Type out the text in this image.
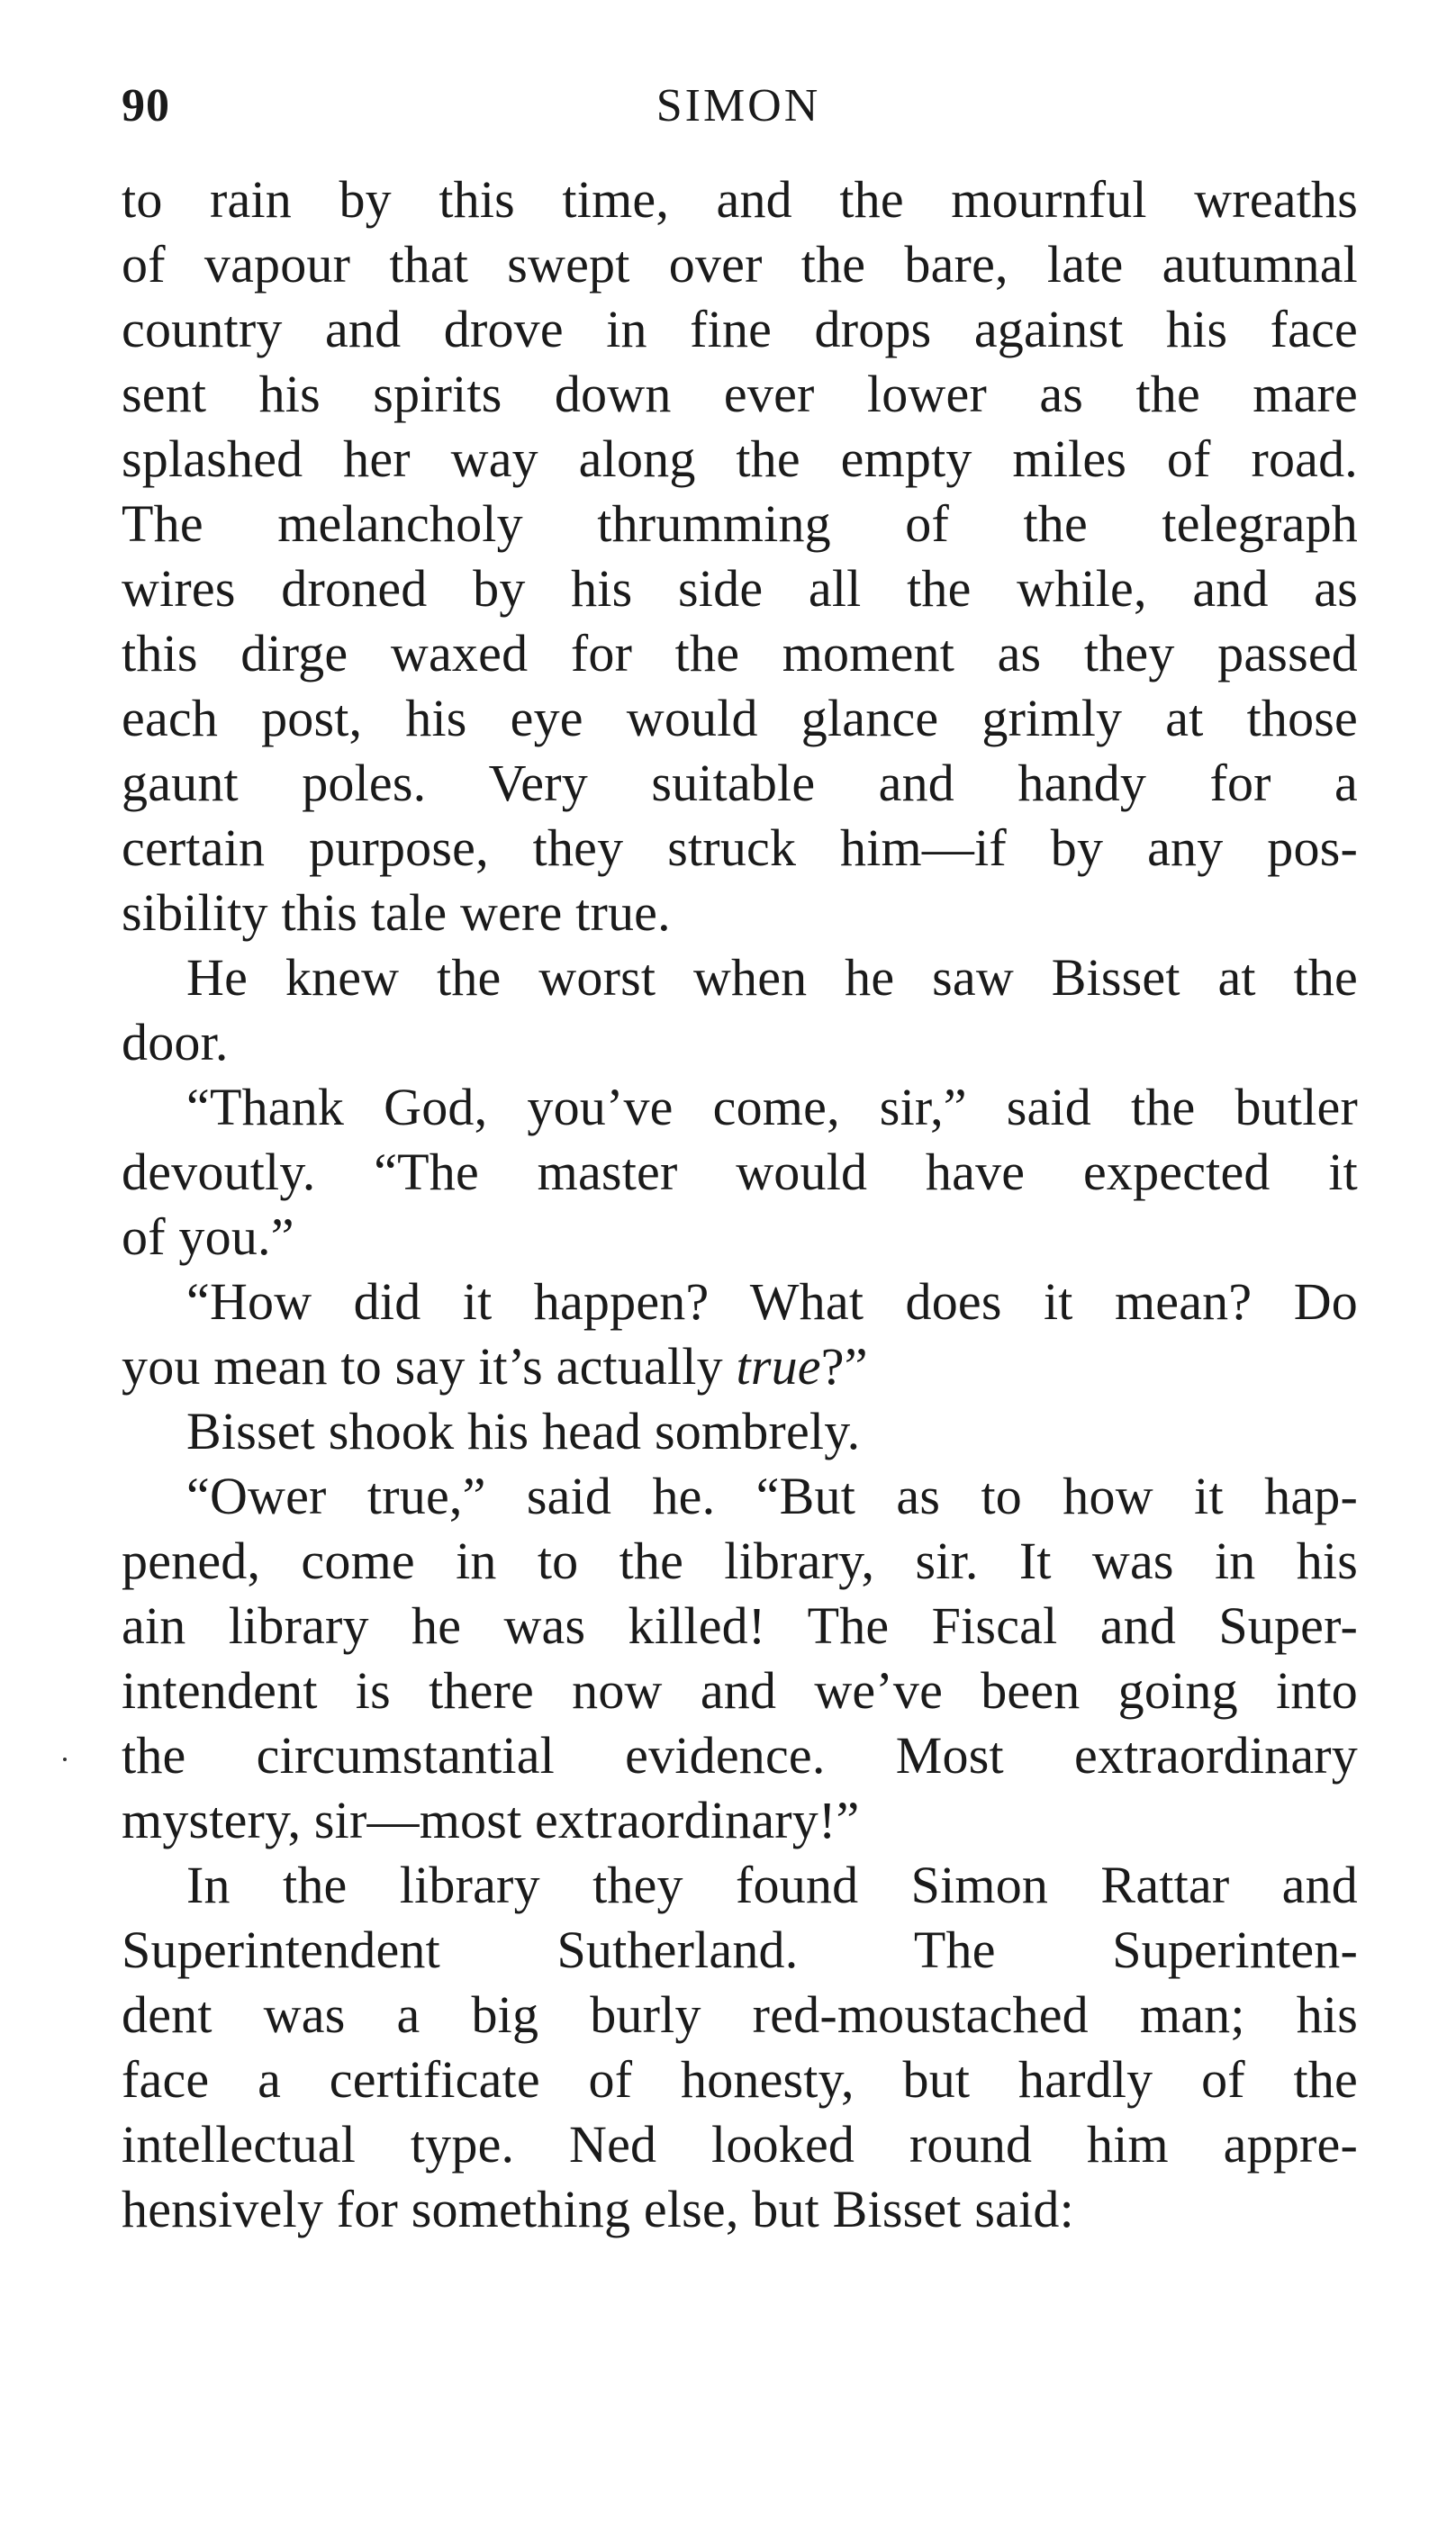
90	SIMON
to rain by this time, and the mournful wreaths
of vapour that swept over the bare, late autumnal
country and drove in fine drops against his face
sent his spirits down ever lower as the mare
splashed her way along the empty miles of road.
The melancholy thrumming of the telegraph
wires droned by his side all the while, and as
this dirge waxed for the moment as they passed
each post, his eye would glance grimly at those
gaunt poles. Very suitable and handy for a
certain purpose, they struck him—if by any pos-
sibility this tale were true.
He knew the worst when he saw Bisset at the
door.
“Thank God, you’ve come, sir,” said the butler
devoutly. “The master would have expected it
of you.”
“How did it happen? What does it mean? Do
you mean to say it’s actually true?”
Bisset shook his head sombrely.
“Ower true,” said he. “But as to how it hap-
pened, come in to the library, sir. It was in his
ain library he was killed! The Fiscal and Super-
intendent is there now and we’ve been going into
the circumstantial evidence. Most extraordinary
mystery, sir—most extraordinary!”
In the library they found Simon Rattar and
Superintendent Sutherland. The Superinten-
dent was a big burly red-moustached man; his
face a certificate of honesty, but hardly of the
intellectual type. Ned looked round him appre-
hensively for something else, but Bisset said:
